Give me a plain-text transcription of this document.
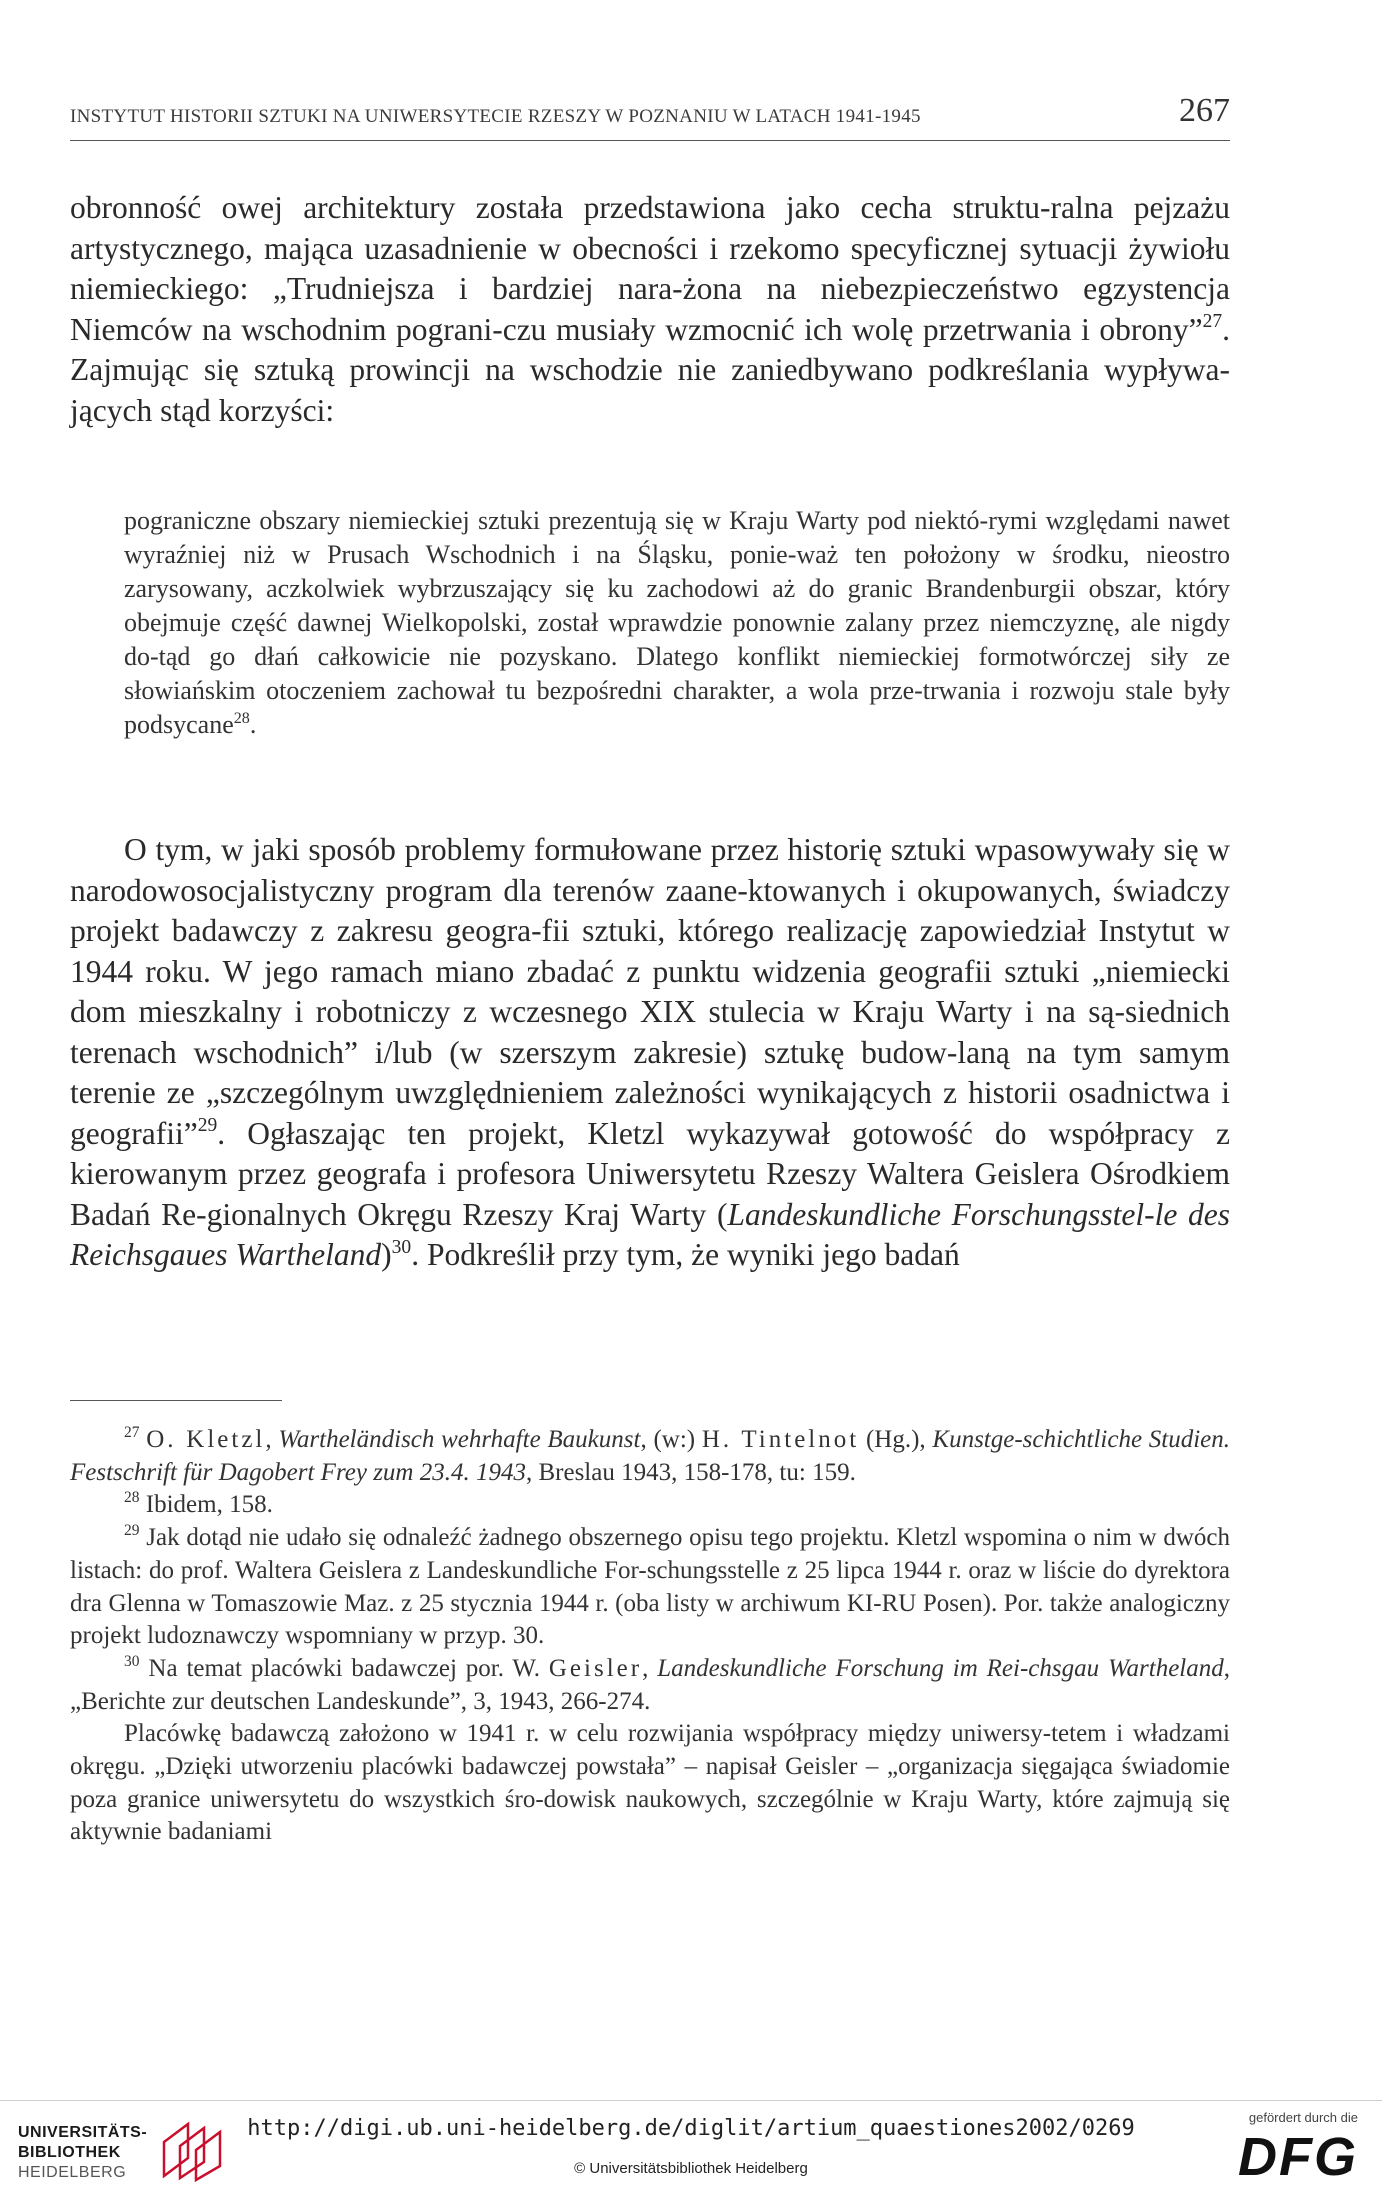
INSTYTUT HISTORII SZTUKI NA UNIWERSYTECIE RZESZY W POZNANIU W LATACH 1941-1945	267
obronność owej architektury została przedstawiona jako cecha struktu-ralna pejzażu artystycznego, mająca uzasadnienie w obecności i rzekomo specyficznej sytuacji żywiołu niemieckiego: „Trudniejsza i bardziej nara-żona na niebezpieczeństwo egzystencja Niemców na wschodnim pograni-czu musiały wzmocnić ich wolę przetrwania i obrony”$^{27}$. Zajmując się sztuką prowincji na wschodzie nie zaniedbywano podkreślania wypływa-jących stąd korzyści:
pograniczne obszary niemieckiej sztuki prezentują się w Kraju Warty pod niektó-rymi względami nawet wyraźniej niż w Prusach Wschodnich i na Śląsku, ponie-waż ten położony w środku, nieostro zarysowany, aczkolwiek wybrzuszający się ku zachodowi aż do granic Brandenburgii obszar, który obejmuje część dawnej Wielkopolski, został wprawdzie ponownie zalany przez niemczyznę, ale nigdy do-tąd go dłań całkowicie nie pozyskano. Dlatego konflikt niemieckiej formotwórczej siły ze słowiańskim otoczeniem zachował tu bezpośredni charakter, a wola prze-trwania i rozwoju stale były podsycane$^{28}$.
O tym, w jaki sposób problemy formułowane przez historię sztuki wpasowywały się w narodowosocjalistyczny program dla terenów zaane-ktowanych i okupowanych, świadczy projekt badawczy z zakresu geogra-fii sztuki, którego realizację zapowiedział Instytut w 1944 roku. W jego ramach miano zbadać z punktu widzenia geografii sztuki „niemiecki dom mieszkalny i robotniczy z wczesnego XIX stulecia w Kraju Warty i na są-siednich terenach wschodnich” i/lub (w szerszym zakresie) sztukę budow-laną na tym samym terenie ze „szczególnym uwzględnieniem zależności wynikających z historii osadnictwa i geografii”$^{29}$. Ogłaszając ten projekt, Kletzl wykazywał gotowość do współpracy z kierowanym przez geografa i profesora Uniwersytetu Rzeszy Waltera Geislera Ośrodkiem Badań Re-gionalnych Okręgu Rzeszy Kraj Warty (Landeskundliche Forschungsstel-le des Reichsgaues Wartheland)$^{30}$. Podkreślił przy tym, że wyniki jego badań

$^{27}$ O. Kletzl, Wartheländisch wehrhafte Baukunst, (w:) H. Tintelnot (Hg.), Kunstge-schichtliche Studien. Festschrift für Dagobert Frey zum 23.4. 1943, Breslau 1943, 158-178, tu: 159.

$^{28}$ Ibidem, 158.

$^{29}$ Jak dotąd nie udało się odnaleźć żadnego obszernego opisu tego projektu. Kletzl wspomina o nim w dwóch listach: do prof. Waltera Geislera z Landeskundliche For-schungsstelle z 25 lipca 1944 r. oraz w liście do dyrektora dra Glenna w Tomaszowie Maz. z 25 stycznia 1944 r. (oba listy w archiwum KI-RU Posen). Por. także analogiczny projekt ludoznawczy wspomniany w przyp. 30.

$^{30}$ Na temat placówki badawczej por. W. Geisler, Landeskundliche Forschung im Rei-chsgau Wartheland, „Berichte zur deutschen Landeskunde”, 3, 1943, 266-274.

Placówkę badawczą założono w 1941 r. w celu rozwijania współpracy między uniwersy-tetem i władzami okręgu. „Dzięki utworzeniu placówki badawczej powstała” – napisał Geisler – „organizacja sięgająca świadomie poza granice uniwersytetu do wszystkich śro-dowisk naukowych, szczególnie w Kraju Warty, które zajmują się aktywnie badaniami

UNIVERSITÄTS-
BIBLIOTHEK
HEIDELBERG
http://digi.ub.uni-heidelberg.de/diglit/artium_quaestiones2002/0269
© Universitätsbibliothek Heidelberg
gefördert durch die
DFG
